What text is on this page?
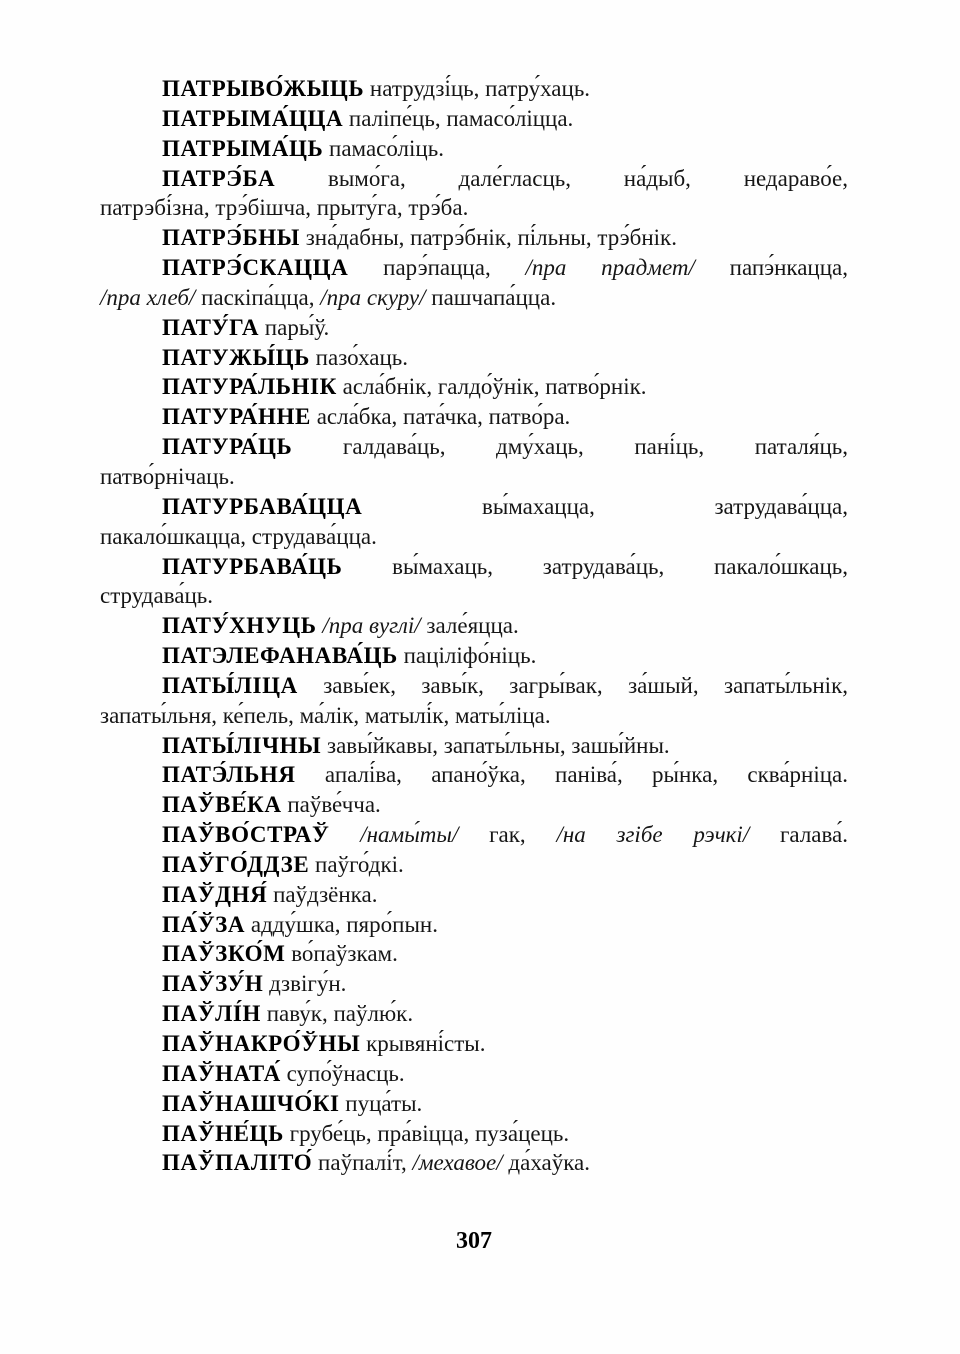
ПАТРЫВО́ЖЫЦЬ натрудзі́ць, патру́хаць.
ПАТРЫМА́ЦЦА паліпе́ць, памасо́ліцца.
ПАТРЫМА́ЦЬ памасо́ліць.
ПАТРЭ́БА вымо́га, дале́гласць, на́дыб, недараво́е,
патрэбі́зна, трэ́бішча, прыту́га, трэ́ба.
ПАТРЭ́БНЫ зна́дабны, патрэ́бнік, пі́льны, трэ́бнік.
ПАТРЭ́СКАЦЦА парэ́пацца, /пра прадмет/ папэ́нкацца,
/пра хлеб/ паскіпа́цца, /пра скуру/ пашчапа́цца.
ПАТУ́ГА пары́ў.
ПАТУЖЫ́ЦЬ пазо́хаць.
ПАТУРА́ЛЬНІК асла́бнік, галдо́ўнік, патво́рнік.
ПАТУРА́ННЕ асла́бка, пата́чка, патво́ра.
ПАТУРА́ЦЬ галдава́ць, дму́хаць, пані́ць, паталя́ць,
патво́рнічаць.
ПАТУРБАВА́ЦЦА вы́махацца, затрудава́цца,
пакало́шкацца, струдава́цца.
ПАТУРБАВА́ЦЬ вы́махаць, затрудава́ць, пакало́шкаць,
струдава́ць.
ПАТУ́ХНУЦЬ /пра вуглі/ зале́яцца.
ПАТЭЛЕФАНАВА́ЦЬ паціліфо́ніць.
ПАТЫ́ЛІЦА завы́ек, завы́к, загры́вак, за́шый, запаты́льнік,
запаты́льня, ке́пель, ма́лік, матылі́к, маты́ліца.
ПАТЫ́ЛІЧНЫ завы́йкавы, запаты́льны, зашы́йны.
ПАТЭ́ЛЬНЯ апалі́ва, апано́ўка, паніва́, ры́нка, сква́рніца.
ПАЎВЕ́КА паўве́чча.
ПАЎВО́СТРАЎ /намы́ты/ гак, /на згібе рэчкі/ галава́.
ПАЎГО́ДДЗЕ паўго́дкі.
ПАЎДНЯ́ паўдзёнка.
ПА́ЎЗА адду́шка, пяро́пын.
ПАЎЗКО́М во́паўзкам.
ПАЎЗУ́Н дзвігу́н.
ПАЎЛІ́Н паву́к, паўлю́к.
ПАЎНАКРО́ЎНЫ крывяні́сты.
ПАЎНАТА́ супо́ўнасць.
ПАЎНАШЧО́КІ пуца́ты.
ПАЎНЕ́ЦЬ грубе́ць, пра́віцца, пуза́цець.
ПАЎПАЛІТО́ паўпалі́т, /мехавое/ да́хаўка.
307
